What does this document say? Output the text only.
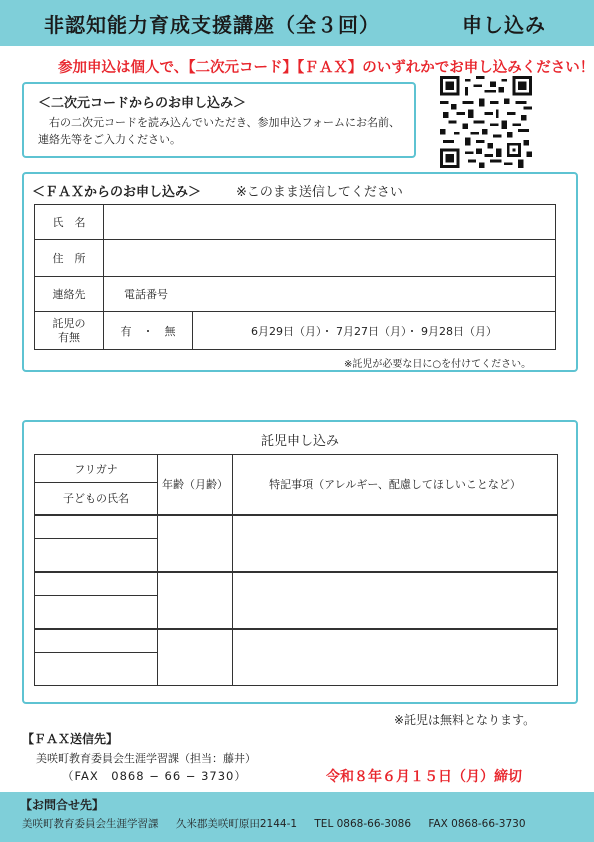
非認知能力育成支援講座（全３回）	申し込み
参加申込は個人で、【二次元コード】【ＦＡＸ】のいずれかでお申し込みください！
＜二次元コードからのお申し込み＞
右の二次元コードを読み込んでいただき、参加申込フォームにお名前、連絡先等をご入力ください。
＜ＦＡＸからのお申し込み＞	※このまま送信してください
氏　名		
住　所		
連絡先	電話番号	
託児の
有無	有　・　無	6月29日（月）・ 7月27日（月）・ 9月28日（月）
※託児が必要な日に○を付けてください。
託児申し込み
フリガナ	年齢（月齢）	特記事項（アレルギー、配慮してほしいことなど）
子どもの氏名		

※託児は無料となります。
【ＦＡＸ送信先】
美咲町教育委員会生涯学習課（担当：藤井）
（FAX　0868 − 66 − 3730）	令和８年６月１５日（月）締切
【お問合せ先】
美咲町教育委員会生涯学習課 久米郡美咲町原田2144-1 TEL 0868-66-3086 FAX 0868-66-3730
